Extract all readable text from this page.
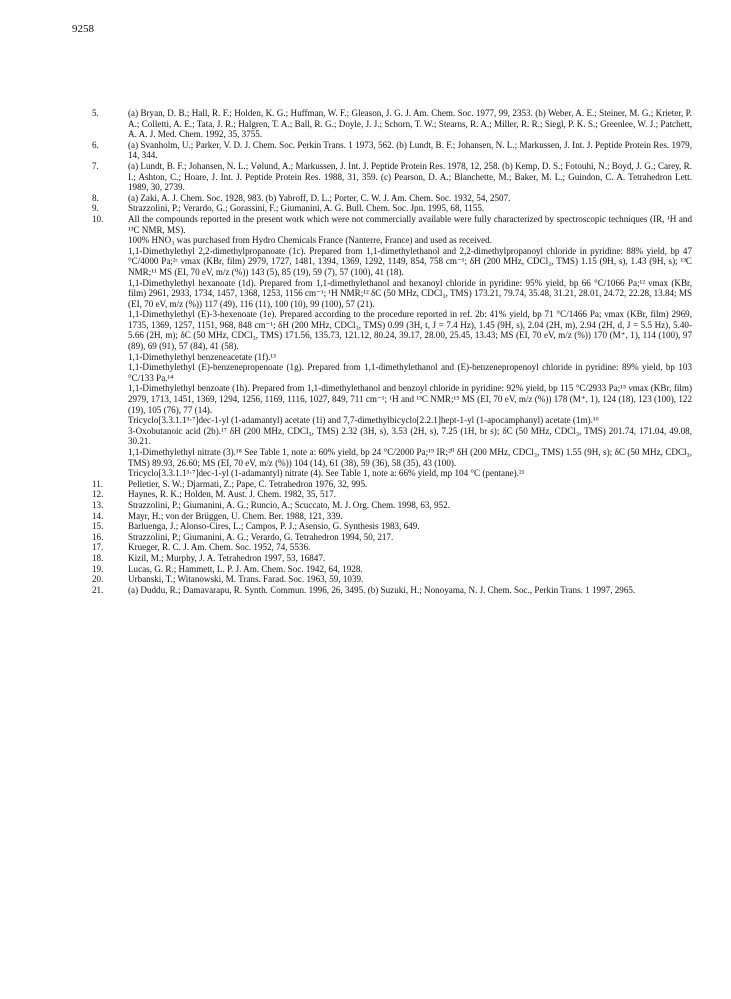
9258
5.	(a) Bryan, D. B.; Hall, R. F.; Holden, K. G.; Huffman, W. F.; Gleason, J. G. J. Am. Chem. Soc. 1977, 99, 2353. (b) Weber, A. E.; Steiner, M. G.; Krieter, P. A.; Colletti, A. E.; Tata, J. R.; Halgren, T. A.; Ball, R. G.; Doyle, J. J.; Schorn, T. W.; Stearns, R. A.; Miller, R. R.; Siegl, P. K. S.; Greenlee, W. J.; Patchett, A. A. J. Med. Chem. 1992, 35, 3755.

6.	(a) Svanholm, U.; Parker, V. D. J. Chem. Soc. Perkin Trans. 1 1973, 562. (b) Lundt, B. F.; Johansen, N. L.; Markussen, J. Int. J. Peptide Protein Res. 1979, 14, 344.

7.	(a) Lundt, B. F.; Johansen, N. L.; Vølund, A.; Markussen, J. Int. J. Peptide Protein Res. 1978, 12, 258. (b) Kemp, D. S.; Fotouhi, N.; Boyd, J. G.; Carey, R. I.; Ashton, C.; Hoare, J. Int. J. Peptide Protein Res. 1988, 31, 359. (c) Pearson, D. A.; Blanchette, M.; Baker, M. L.; Guindon, C. A. Tetrahedron Lett. 1989, 30, 2739.

8.	(a) Zaki, A. J. Chem. Soc. 1928, 983. (b) Yabroff, D. L.; Porter, C. W. J. Am. Chem. Soc. 1932, 54, 2507.

9.	Strazzolini, P.; Verardo, G.; Gorassini, F.; Giumanini, A. G. Bull. Chem. Soc. Jpn. 1995, 68, 1155.

10.	All the compounds reported in the present work which were not commercially available were fully characterized by spectroscopic techniques (IR, ¹H and ¹³C NMR, MS).

100% HNO₃ was purchased from Hydro Chemicals France (Nanterre, France) and used as received.

1,1-Dimethylethyl 2,2-dimethylpropanoate (1c). Prepared from 1,1-dimethylethanol and 2,2-dimethylpropanoyl chloride in pyridine: 88% yield, bp 47 °C/4000 Pa;²ᶜ νmax (KBr, film) 2979, 1727, 1481, 1394, 1369, 1292, 1149, 854, 758 cm⁻¹; δH (200 MHz, CDCl₃, TMS) 1.15 (9H, s), 1.43 (9H, s); ¹³C NMR;¹¹ MS (EI, 70 eV, m/z (%)) 143 (5), 85 (19), 59 (7), 57 (100), 41 (18).

1,1-Dimethylethyl hexanoate (1d). Prepared from 1,1-dimethylethanol and hexanoyl chloride in pyridine: 95% yield, bp 66 °C/1066 Pa;¹² νmax (KBr, film) 2961, 2933, 1734, 1457, 1368, 1253, 1156 cm⁻¹; ¹H NMR;¹² δC (50 MHz, CDCl₃, TMS) 173.21, 79.74, 35.48, 31.21, 28.01, 24.72, 22.28, 13.84; MS (EI, 70 eV, m/z (%)) 117 (49), 116 (11), 100 (10), 99 (100), 57 (21).

1,1-Dimethylethyl (E)-3-hexenoate (1e). Prepared according to the procedure reported in ref. 2b: 41% yield, bp 71 °C/1466 Pa; νmax (KBr, film) 2969, 1735, 1369, 1257, 1151, 968, 848 cm⁻¹; δH (200 MHz, CDCl₃, TMS) 0.99 (3H, t, J = 7.4 Hz), 1.45 (9H, s), 2.04 (2H, m), 2.94 (2H, d, J = 5.5 Hz), 5.40-5.66 (2H, m); δC (50 MHz, CDCl₃, TMS) 171.56, 135.73, 121.12, 80.24, 39.17, 28.00, 25.45, 13.43; MS (EI, 70 eV, m/z (%)) 170 (M⁺, 1), 114 (100), 97 (89), 69 (91), 57 (84), 41 (58).

1,1-Dimethylethyl benzeneacetate (1f).¹³

1,1-Dimethylethyl (E)-benzenepropenoate (1g). Prepared from 1,1-dimethylethanol and (E)-benzenepropenoyl chloride in pyridine: 89% yield, bp 103 °C/133 Pa.¹⁴

1,1-Dimethylethyl benzoate (1h). Prepared from 1,1-dimethylethanol and benzoyl chloride in pyridine: 92% yield, bp 115 °C/2933 Pa;¹⁵ νmax (KBr, film) 2979, 1713, 1451, 1369, 1294, 1256, 1169, 1116, 1027, 849, 711 cm⁻¹; ¹H and ¹³C NMR;¹⁵ MS (EI, 70 eV, m/z (%)) 178 (M⁺, 1), 124 (18), 123 (100), 122 (19), 105 (76), 77 (14).

Tricyclo[3.3.1.1³·⁷]dec-1-yl (1-adamantyl) acetate (1i) and 7,7-dimethylbicyclo[2.2.1]hept-1-yl (1-apocamphanyl) acetate (1m).¹⁶

3-Oxobutanoic acid (2b).¹⁷ δH (200 MHz, CDCl₃, TMS) 2.32 (3H, s), 3.53 (2H, s), 7.25 (1H, br s); δC (50 MHz, CDCl₃, TMS) 201.74, 171.04, 49.08, 30.21.

1,1-Dimethylethyl nitrate (3).¹⁸ See Table 1, note a: 60% yield, bp 24 °C/2000 Pa;¹⁹ IR;²⁰ δH (200 MHz, CDCl₃, TMS) 1.55 (9H, s); δC (50 MHz, CDCl₃, TMS) 89.93, 26.60; MS (EI, 70 eV, m/z (%)) 104 (14), 61 (38), 59 (36), 58 (35), 43 (100).

Tricyclo[3.3.1.1³·⁷]dec-1-yl (1-adamantyl) nitrate (4). See Table 1, note a: 66% yield, mp 104 °C (pentane).²¹

11.	Pelletier, S. W.; Djarmati, Z.; Pape, C. Tetrahedron 1976, 32, 995.

12.	Haynes, R. K.; Holden, M. Aust. J. Chem. 1982, 35, 517.

13.	Strazzolini, P.; Giumanini, A. G.; Runcio, A.; Scuccato, M. J. Org. Chem. 1998, 63, 952.

14.	Mayr, H.; von der Brüggen, U. Chem. Ber. 1988, 121, 339.

15.	Barluenga, J.; Alonso-Cires, L.; Campos, P. J.; Asensio, G. Synthesis 1983, 649.

16.	Strazzolini, P.; Giumanini, A. G.; Verardo, G. Tetrahedron 1994, 50, 217.

17.	Krueger, R. C. J. Am. Chem. Soc. 1952, 74, 5536.

18.	Kizil, M.; Murphy, J. A. Tetrahedron 1997, 53, 16847.

19.	Lucas, G. R.; Hammett, L. P. J. Am. Chem. Soc. 1942, 64, 1928.

20.	Urbanski, T.; Witanowski, M. Trans. Farad. Soc. 1963, 59, 1039.

21.	(a) Duddu, R.; Damavarapu, R. Synth. Commun. 1996, 26, 3495. (b) Suzuki, H.; Nonoyama, N. J. Chem. Soc., Perkin Trans. 1 1997, 2965.
